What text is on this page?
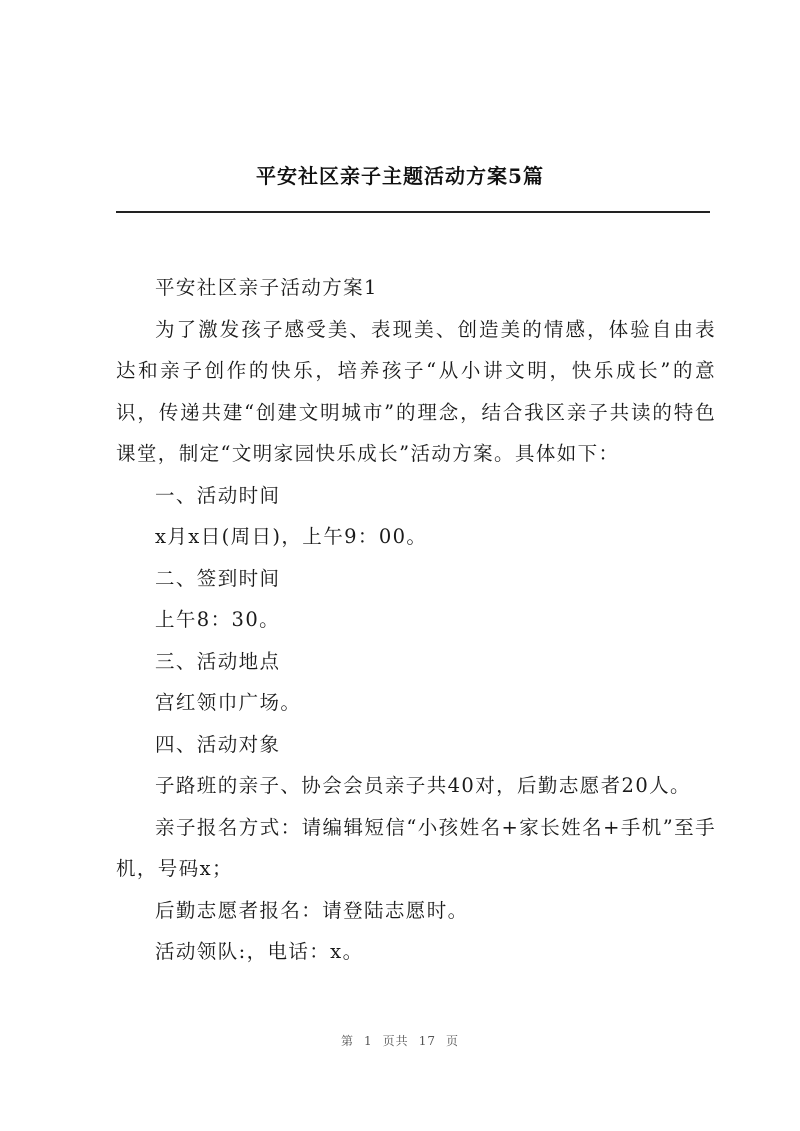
平安社区亲子主题活动方案5篇

平安社区亲子活动方案1

为了激发孩子感受美、表现美、创造美的情感，体验自由表达和亲子创作的快乐，培养孩子“从小讲文明，快乐成长”的意识，传递共建“创建文明城市”的理念，结合我区亲子共读的特色课堂，制定“文明家园快乐成长”活动方案。具体如下：

一、活动时间

x月x日(周日)，上午9：00。

二、签到时间

上午8：30。

三、活动地点

宫红领巾广场。

四、活动对象

子路班的亲子、协会会员亲子共40对，后勤志愿者20人。

亲子报名方式：请编辑短信“小孩姓名+家长姓名+手机”至手机，号码x；

后勤志愿者报名：请登陆志愿时。

活动领队:，电话：x。

第 1 页共 17 页
